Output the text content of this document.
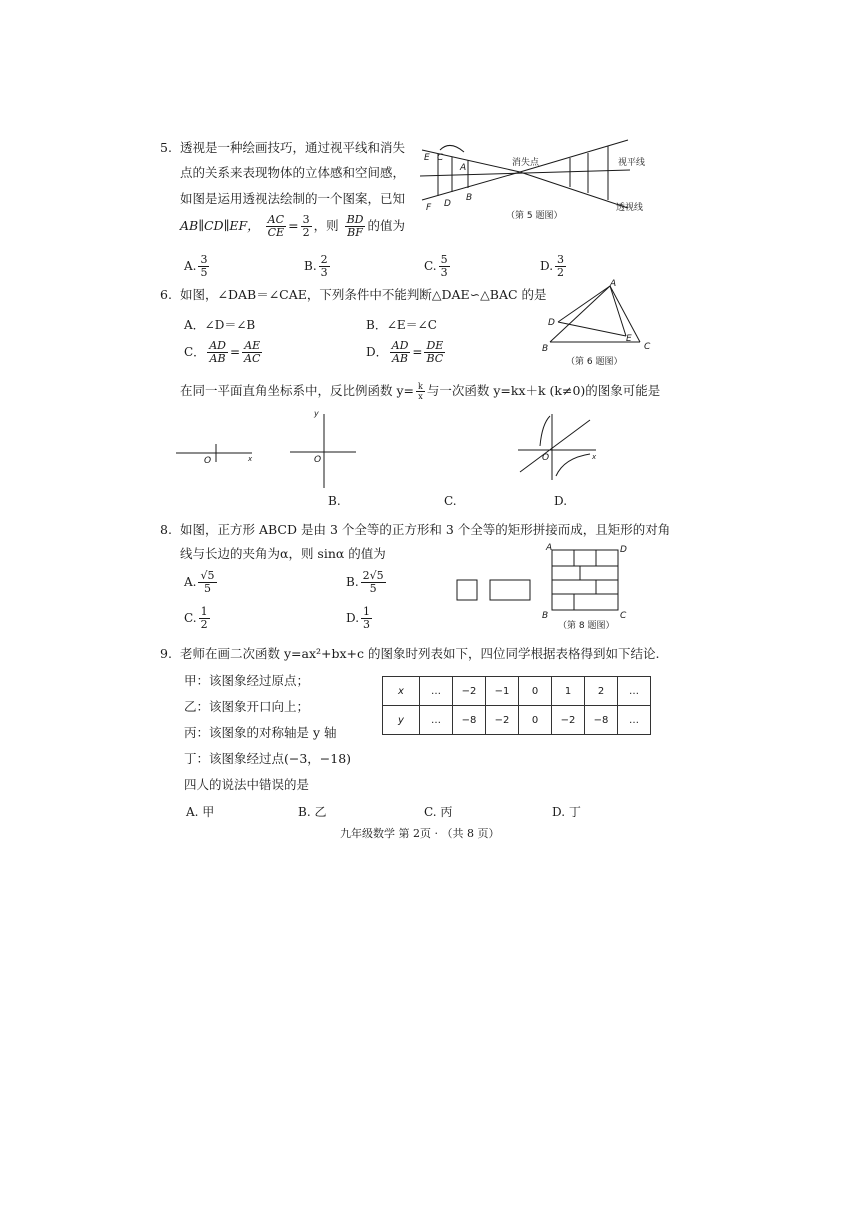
5. 透视是一种绘画技巧，通过视平线和消失
点的关系来表现物体的立体感和空间感，
如图是运用透视法绘制的一个图案，已知
AB∥CD∥EF， $\frac{AC}{CE} = \frac{3}{2}$ ，则 $\frac{BD}{BF}$ 的值为
A. $\frac{3}{5}$	B. $\frac{2}{3}$	C. $\frac{5}{3}$	D. $\frac{3}{2}$
E C
A
F D
B
消失点	视平线
透视线
（第 5 题图）
6. 如图，∠DAB＝∠CAE，下列条件中不能判断△DAE∽△BAC 的是
A．∠D＝∠B	B．∠E＝∠C
C． $\frac{AD}{AB} = \frac{AE}{AC}$	D． $\frac{AD}{AB} = \frac{DE}{BC}$
A
D
B
E
C
（第 6 题图）
在同一平面直角坐标系中，反比例函数 $y= \frac{k}{x}$ 与一次函数 y=kx＋k (k≠0)的图象可能是
O	x
y
O	O	x
B.	C.	D.
8. 如图，正方形 ABCD 是由 3 个全等的正方形和 3 个全等的矩形拼接而成，且矩形的对角
线与长边的夹角为α，则 sinα 的值为
A. $\frac{√5}{5}$	B. $\frac{2√5}{5}$
C. $\frac{1}{2}$	D. $\frac{1}{3}$
A	D
B	C
（第 8 题图）
9. 老师在画二次函数 y=ax²+bx+c 的图象时列表如下，四位同学根据表格得到如下结论.
甲：该图象经过原点；
乙：该图象开口向上；
丙：该图象的对称轴是 y 轴
丁：该图象经过点(−3，−18)
四人的说法中错误的是
x	…	−2	−1	0	1	2	…
y	…	−8	−2	0	−2	−8	…
A. 甲	B. 乙	C. 丙	D. 丁
九年级数学 第 2页 · （共 8 页）
